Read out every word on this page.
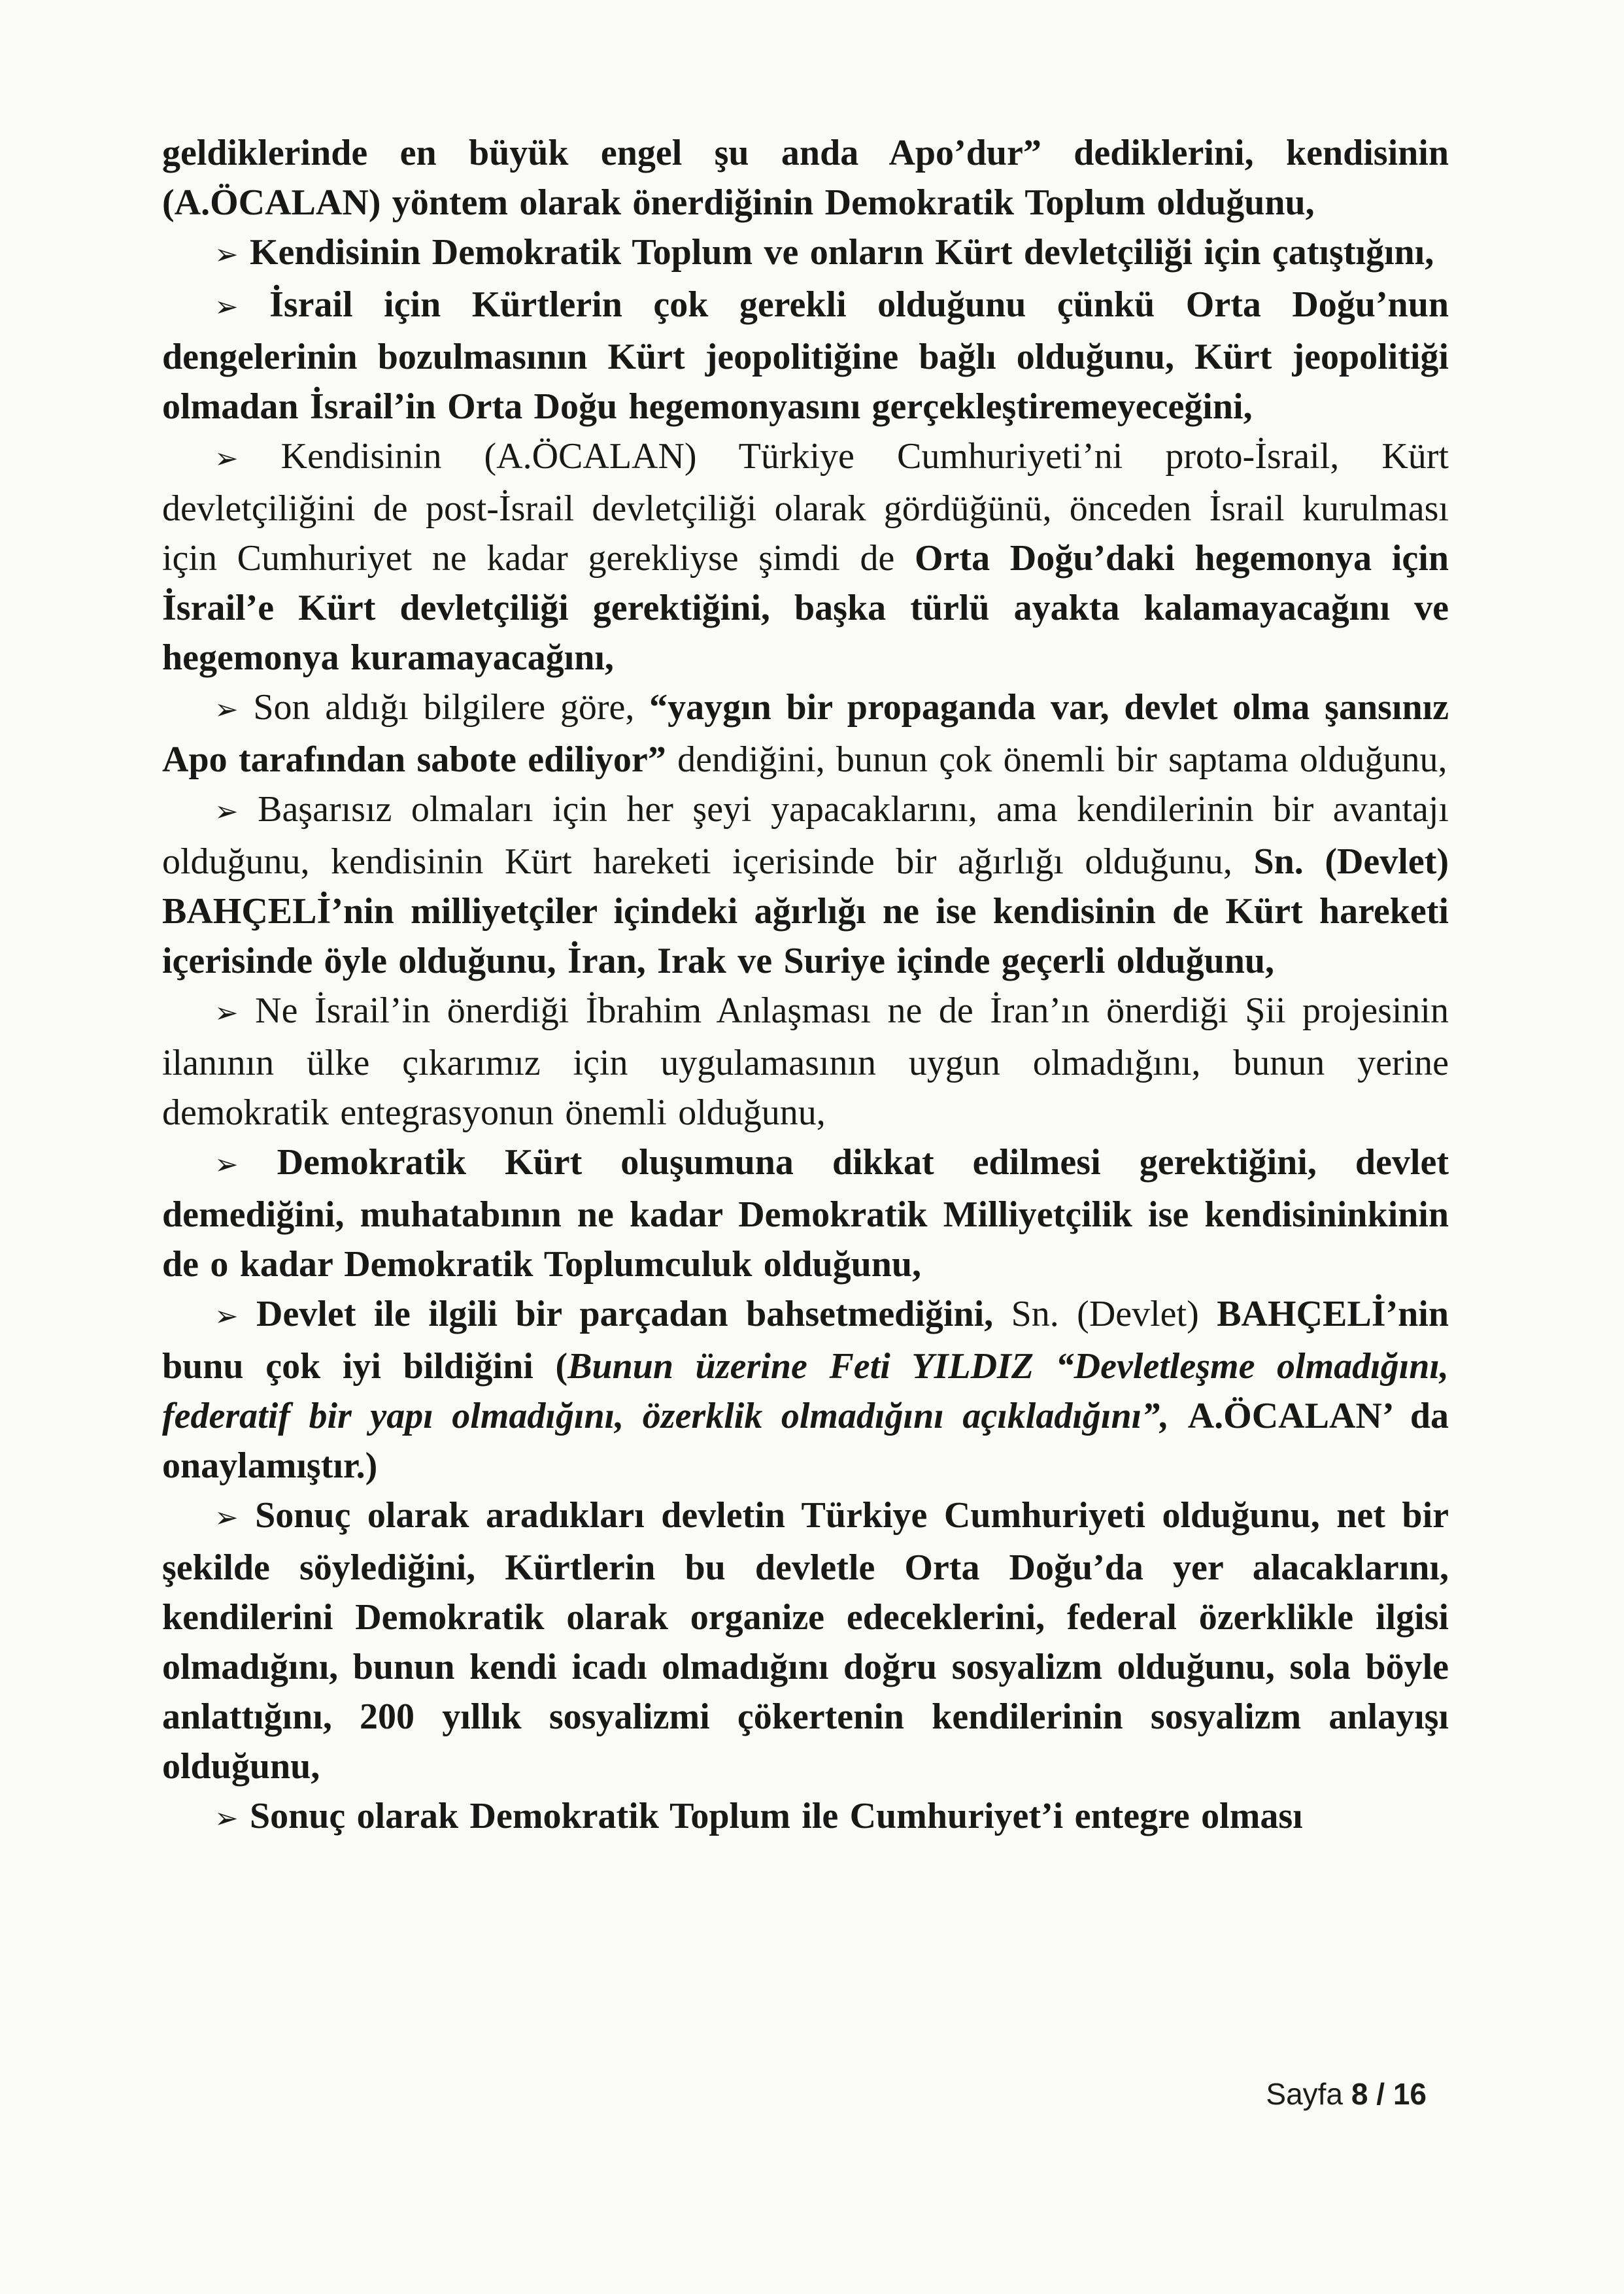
geldiklerinde en büyük engel şu anda Apo’dur” dediklerini, kendisinin (A.ÖCALAN) yöntem olarak önerdiğinin Demokratik Toplum olduğunu,

➢ Kendisinin Demokratik Toplum ve onların Kürt devletçiliği için çatıştığını,

➢ İsrail için Kürtlerin çok gerekli olduğunu çünkü Orta Doğu’nun dengelerinin bozulmasının Kürt jeopolitiğine bağlı olduğunu, Kürt jeopolitiği olmadan İsrail’in Orta Doğu hegemonyasını gerçekleştiremeyeceğini,

➢ Kendisinin (A.ÖCALAN) Türkiye Cumhuriyeti’ni proto-İsrail, Kürt devletçiliğini de post-İsrail devletçiliği olarak gördüğünü, önceden İsrail kurulması için Cumhuriyet ne kadar gerekliyse şimdi de Orta Doğu’daki hegemonya için İsrail’e Kürt devletçiliği gerektiğini, başka türlü ayakta kalamayacağını ve hegemonya kuramayacağını,

➢ Son aldığı bilgilere göre, “yaygın bir propaganda var, devlet olma şansınız Apo tarafından sabote ediliyor” dendiğini, bunun çok önemli bir saptama olduğunu,

➢ Başarısız olmaları için her şeyi yapacaklarını, ama kendilerinin bir avantajı olduğunu, kendisinin Kürt hareketi içerisinde bir ağırlığı olduğunu, Sn. (Devlet) BAHÇELİ’nin milliyetçiler içindeki ağırlığı ne ise kendisinin de Kürt hareketi içerisinde öyle olduğunu, İran, Irak ve Suriye içinde geçerli olduğunu,

➢ Ne İsrail’in önerdiği İbrahim Anlaşması ne de İran’ın önerdiği Şii projesinin ilanının ülke çıkarımız için uygulamasının uygun olmadığını, bunun yerine demokratik entegrasyonun önemli olduğunu,

➢ Demokratik Kürt oluşumuna dikkat edilmesi gerektiğini, devlet demediğini, muhatabının ne kadar Demokratik Milliyetçilik ise kendisininkinin de o kadar Demokratik Toplumculuk olduğunu,

➢ Devlet ile ilgili bir parçadan bahsetmediğini, Sn. (Devlet) BAHÇELİ’nin bunu çok iyi bildiğini (Bunun üzerine Feti YILDIZ “Devletleşme olmadığını, federatif bir yapı olmadığını, özerklik olmadığını açıkladığını”, A.ÖCALAN’ da onaylamıştır.)

➢ Sonuç olarak aradıkları devletin Türkiye Cumhuriyeti olduğunu, net bir şekilde söylediğini, Kürtlerin bu devletle Orta Doğu’da yer alacaklarını, kendilerini Demokratik olarak organize edeceklerini, federal özerklikle ilgisi olmadığını, bunun kendi icadı olmadığını doğru sosyalizm olduğunu, sola böyle anlattığını, 200 yıllık sosyalizmi çökertenin kendilerinin sosyalizm anlayışı olduğunu,

➢ Sonuç olarak Demokratik Toplum ile Cumhuriyet’i entegre olması

Sayfa 8 / 16
